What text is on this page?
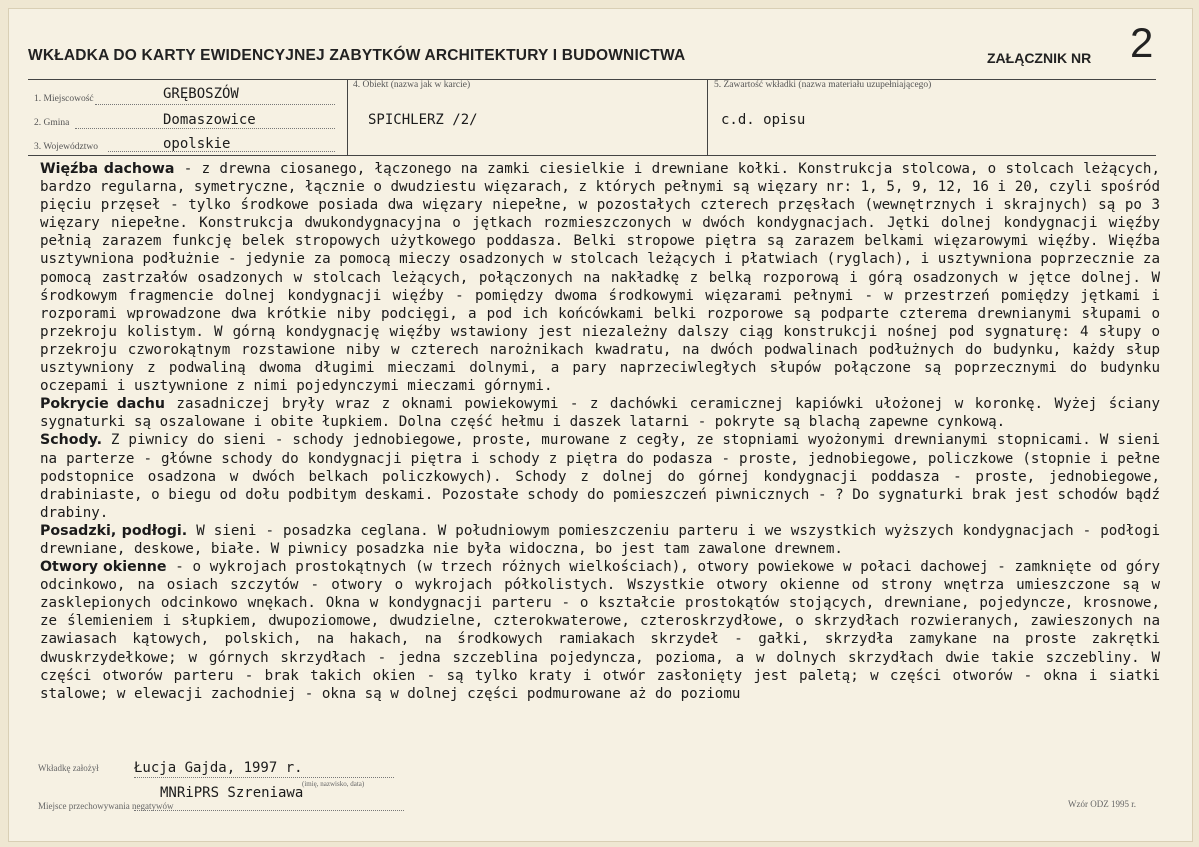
WKŁADKA DO KARTY EWIDENCYJNEJ ZABYTKÓW ARCHITEKTURY I BUDOWNICTWA	ZAŁĄCZNIK NR 2
1. Miejscowość	GRĘBOSZÓW
2. Gmina	Domaszowice
3. Województwo	opolskie
4. Obiekt (nazwa jak w karcie)
SPICHLERZ /2/
5. Zawartość wkładki (nazwa materiału uzupełniającego)
c.d. opisu

Więźba dachowa - z drewna ciosanego, łączonego na zamki ciesielkie i drewniane kołki. Konstrukcja stolcowa, o stolcach leżących, bardzo regularna, symetryczne, łącznie o dwudziestu więzarach, z których pełnymi są więzary nr: 1, 5, 9, 12, 16 i 20, czyli spośród pięciu przęseł - tylko środkowe posiada dwa więzary niepełne, w pozostałych czterech przęsłach (wewnętrznych i skrajnych) są po 3 więzary niepełne. Konstrukcja dwukondygnacyjna o jętkach rozmieszczonych w dwóch kondygnacjach. Jętki dolnej kondygnacji więźby pełnią zarazem funkcję belek stropowych użytkowego poddasza. Belki stropowe piętra są zarazem belkami więzarowymi więźby. Więźba usztywniona podłużnie - jedynie za pomocą mieczy osadzonych w stolcach leżących i płatwiach (ryglach), i usztywniona poprzecznie za pomocą zastrzałów osadzonych w stolcach leżących, połączonych na nakładkę z belką rozporową i górą osadzonych w jętce dolnej. W środkowym fragmencie dolnej kondygnacji więźby - pomiędzy dwoma środkowymi więzarami pełnymi - w przestrzeń pomiędzy jętkami i rozporami wprowadzone dwa krótkie niby podcięgi, a pod ich końcówkami belki rozporowe są podparte czterema drewnianymi słupami o przekroju kolistym. W górną kondygnację więźby wstawiony jest niezależny dalszy ciąg konstrukcji nośnej pod sygnaturę: 4 słupy o przekroju czworokątnym rozstawione niby w czterech narożnikach kwadratu, na dwóch podwalinach podłużnych do budynku, każdy słup usztywniony z podwaliną dwoma długimi mieczami dolnymi, a pary naprzeciwległych słupów połączone są poprzecznymi do budynku oczepami i usztywnione z nimi pojedynczymi mieczami górnymi.

Pokrycie dachu zasadniczej bryły wraz z oknami powiekowymi - z dachówki ceramicznej kapiówki ułożonej w koronkę. Wyżej ściany sygnaturki są oszalowane i obite łupkiem. Dolna część hełmu i daszek latarni - pokryte są blachą zapewne cynkową.

Schody. Z piwnicy do sieni - schody jednobiegowe, proste, murowane z cegły, ze stopniami wyożonymi drewnianymi stopnicami. W sieni na parterze - główne schody do kondygnacji piętra i schody z piętra do podasza - proste, jednobiegowe, policzkowe (stopnie i pełne podstopnice osadzona w dwóch belkach policzkowych). Schody z dolnej do górnej kondygnacji poddasza - proste, jednobiegowe, drabiniaste, o biegu od dołu podbitym deskami. Pozostałe schody do pomieszczeń piwnicznych - ? Do sygnaturki brak jest schodów bądź drabiny.

Posadzki, podłogi. W sieni - posadzka ceglana. W południowym pomieszczeniu parteru i we wszystkich wyższych kondygnacjach - podłogi drewniane, deskowe, białe. W piwnicy posadzka nie była widoczna, bo jest tam zawalone drewnem.

Otwory okienne - o wykrojach prostokątnych (w trzech różnych wielkościach), otwory powiekowe w połaci dachowej - zamknięte od góry odcinkowo, na osiach szczytów - otwory o wykrojach półkolistych. Wszystkie otwory okienne od strony wnętrza umieszczone są w zasklepionych odcinkowo wnękach. Okna w kondygnacji parteru - o kształcie prostokątów stojących, drewniane, pojedyncze, krosnowe, ze ślemieniem i słupkiem, dwupoziomowe, dwudzielne, czterokwaterowe, czteroskrzydłowe, o skrzydłach rozwieranych, zawieszonych na zawiasach kątowych, polskich, na hakach, na środkowych ramiakach skrzydeł - gałki, skrzydła zamykane na proste zakrętki dwuskrzydełkowe; w górnych skrzydłach - jedna szczeblina pojedyncza, pozioma, a w dolnych skrzydłach dwie takie szczebliny. W części otworów parteru - brak takich okien - są tylko kraty i otwór zasłonięty jest paletą; w części otworów - okna i siatki stalowe; w elewacji zachodniej - okna są w dolnej części podmurowane aż do poziomu

Wkładkę założył	Łucja Gajda, 1997 r.
(imię, nazwisko, data)
MNRiPRS Szreniawa
Miejsce przechowywania negatywów	Wzór ODZ 1995 r.
